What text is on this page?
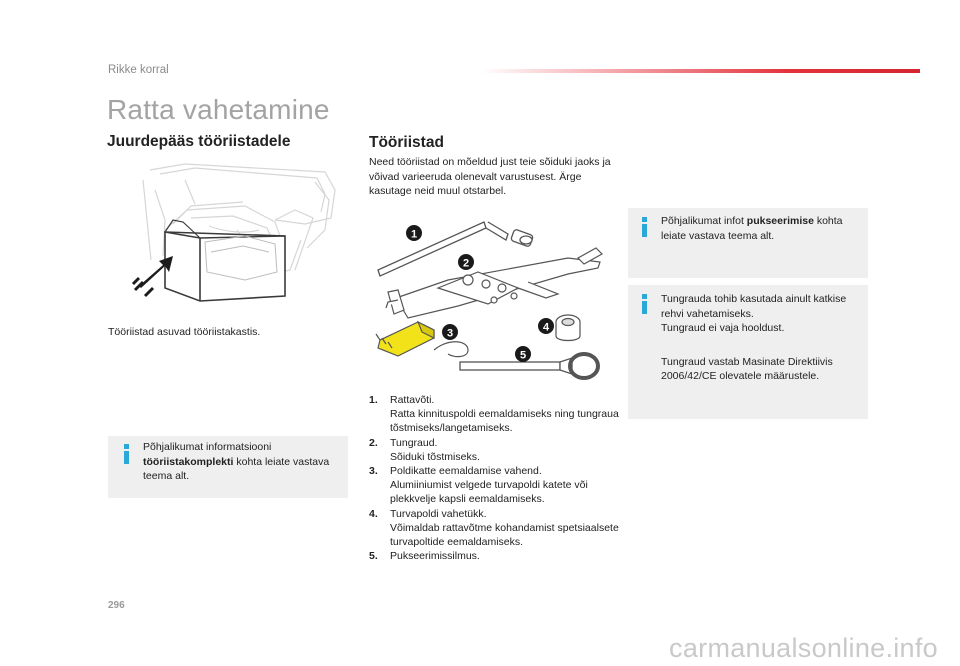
Rikke korral
Ratta vahetamine
Juurdepääs tööriistadele	Tööriistad

Need tööriistad on mõeldud just teie sõiduki jaoks ja võivad varieeruda olenevalt varustusest. Ärge kasutage neid muul otstarbel.

Tööriistad asuvad tööriistakastis.
Põhjalikumat informatsiooni tööriistakomplekti kohta leiate vastava teema alt.
1
2
3	4
5
1. Rattavõti.
Ratta kinnituspoldi eemaldamiseks ning tungraua tõstmiseks/langetamiseks.
2. Tungraud.
Sõiduki tõstmiseks.
3. Poldikatte eemaldamise vahend.
Alumiiniumist velgede turvapoldi katete või plekkvelje kapsli eemaldamiseks.
4. Turvapoldi vahetükk.
Võimaldab rattavõtme kohandamist spetsiaalsete turvapoltide eemaldamiseks.
5. Pukseerimissilmus.
Põhjalikumat infot pukseerimise kohta leiate vastava teema alt.
Tungrauda tohib kasutada ainult katkise rehvi vahetamiseks.
Tungraud ei vaja hooldust.
Tungraud vastab Masinate Direktiivis 2006/42/CE olevatele määrustele.
296
carmanualsonline.info
